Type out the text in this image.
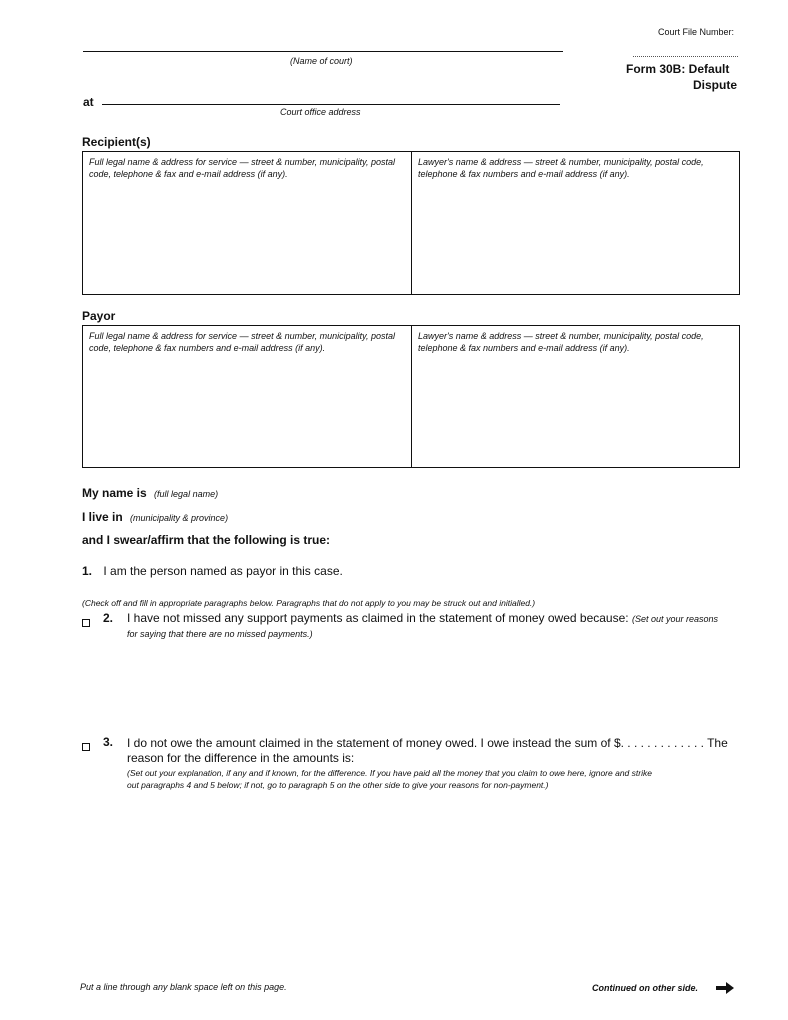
Court File Number:
(Name of court)
Form 30B: Default
Dispute
at
Court office address
Recipient(s)
Full legal name & address for service — street & number, municipality, postal code, telephone & fax and e-mail address (if any).
Lawyer's name & address — street & number, municipality, postal code, telephone & fax numbers and e-mail address (if any).
Payor
Full legal name & address for service — street & number, municipality, postal code, telephone & fax numbers and e-mail address (if any).
Lawyer's name & address — street & number, municipality, postal code, telephone & fax numbers and e-mail address (if any).
My name is (full legal name)
I live in (municipality & province)
and I swear/affirm that the following is true:
1. I am the person named as payor in this case.
(Check off and fill in appropriate paragraphs below. Paragraphs that do not apply to you may be struck out and initialled.)
2. I have not missed any support payments as claimed in the statement of money owed because: (Set out your reasons
for saying that there are no missed payments.)
3. I do not owe the amount claimed in the statement of money owed. I owe instead the sum of $. . . . . . . . . . . . . The
reason for the difference in the amounts is:
(Set out your explanation, if any and if known, for the difference. If you have paid all the money that you claim to owe here, ignore and strike
out paragraphs 4 and 5 below; if not, go to paragraph 5 on the other side to give your reasons for non-payment.)
Put a line through any blank space left on this page.	Continued on other side.
